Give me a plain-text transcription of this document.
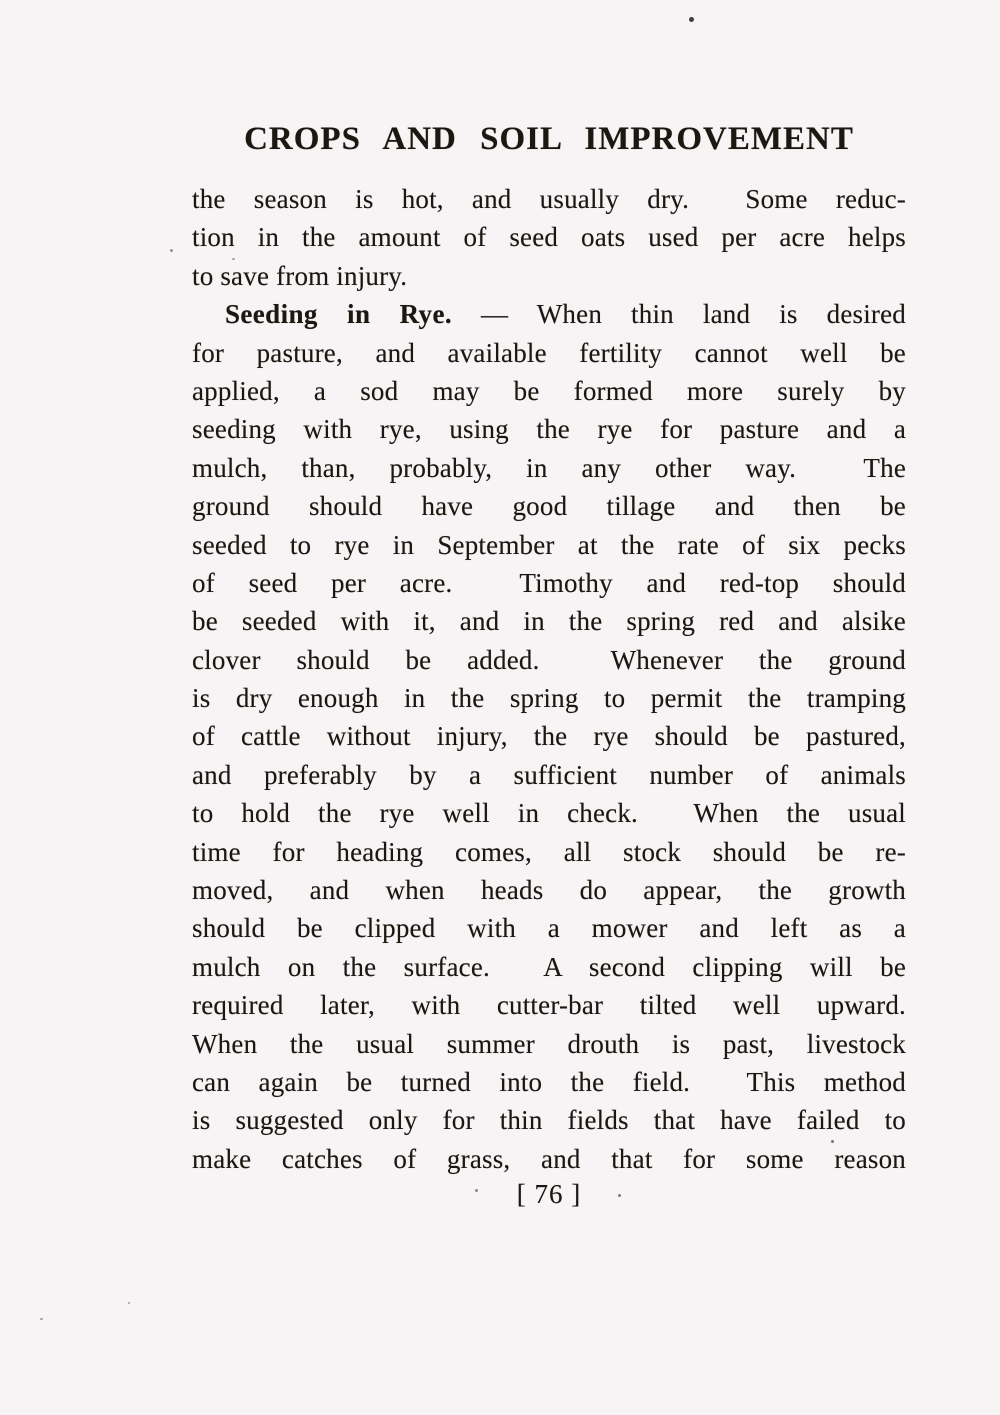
CROPS AND SOIL IMPROVEMENT
the season is hot, and usually dry.  Some reduc-
tion in the amount of seed oats used per acre helps
to save from injury.
Seeding in Rye. — When thin land is desired
for pasture, and available fertility cannot well be
applied, a sod may be formed more surely by
seeding with rye, using the rye for pasture and a
mulch, than, probably, in any other way.  The
ground should have good tillage and then be
seeded to rye in September at the rate of six pecks
of seed per acre.  Timothy and red-top should
be seeded with it, and in the spring red and alsike
clover should be added.  Whenever the ground
is dry enough in the spring to permit the tramping
of cattle without injury, the rye should be pastured,
and preferably by a sufficient number of animals
to hold the rye well in check.  When the usual
time for heading comes, all stock should be re-
moved, and when heads do appear, the growth
should be clipped with a mower and left as a
mulch on the surface.  A second clipping will be
required later, with cutter-bar tilted well upward.
When the usual summer drouth is past, livestock
can again be turned into the field.  This method
is suggested only for thin fields that have failed to
make catches of grass, and that for some reason
[ 76 ]
